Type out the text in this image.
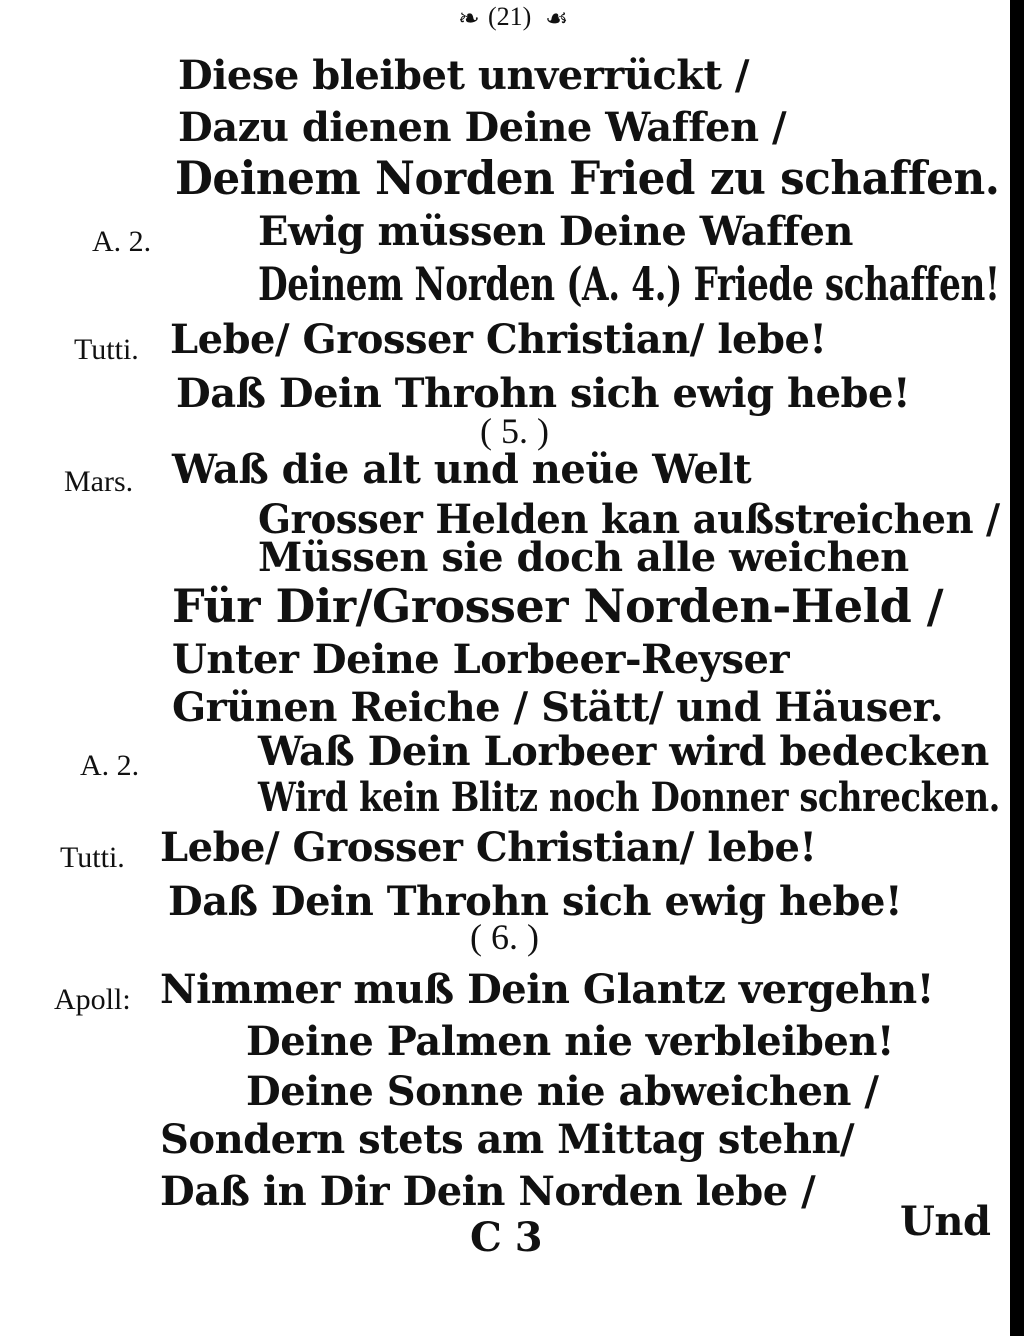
❧ (21) ☙
Diese bleibet unverrückt /
Dazu dienen Deine Waffen /
Deinem Norden Fried zu schaffen.
A. 2.	Ewig müssen Deine Waffen
Deinem Norden (A. 4.) Friede schaffen!
Tutti. Lebe/ Grosser Christian/ lebe!
Daß Dein Throhn sich ewig hebe!
( 5. )
Mars. Waß die alt und neüe Welt
Grosser Helden kan außstreichen /
Müssen sie doch alle weichen
Für Dir/Grosser Norden-Held /
Unter Deine Lorbeer-Reyser
Grünen Reiche / Stätt/ und Häuser.
A. 2.	Waß Dein Lorbeer wird bedecken
Wird kein Blitz noch Donner schrecken.
Tutti. Lebe/ Grosser Christian/ lebe!
Daß Dein Throhn sich ewig hebe!
( 6. )
Apoll: Nimmer muß Dein Glantz vergehn!
Deine Palmen nie verbleiben!
Deine Sonne nie abweichen /
Sondern stets am Mittag stehn/
Daß in Dir Dein Norden lebe /
C 3	Und
